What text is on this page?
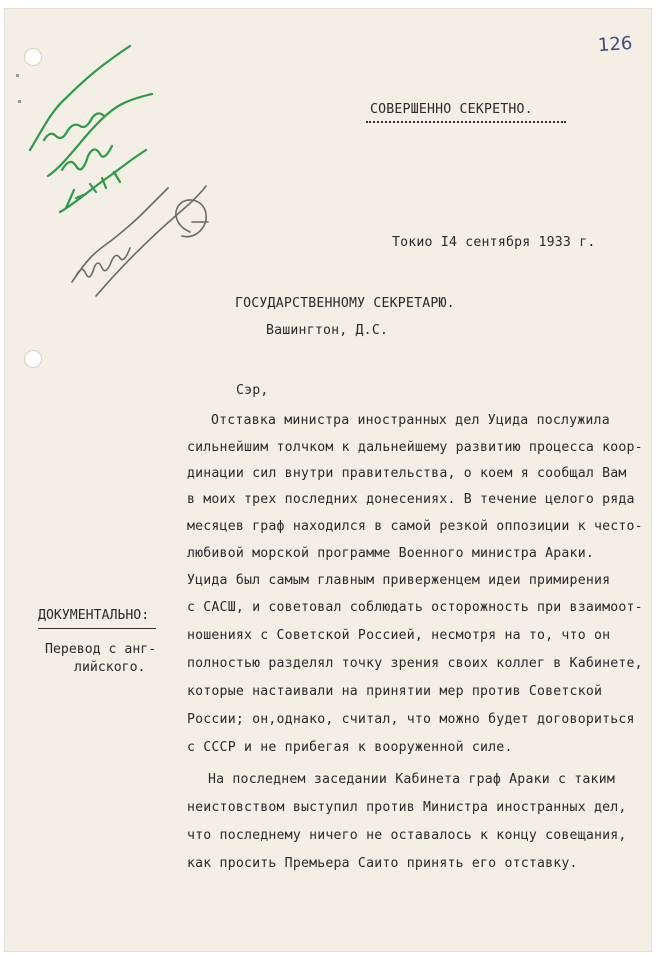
126
СОВЕРШЕННО СЕКРЕТНО.
Токио I4 сентября 1933 г.
ГОСУДАРСТВЕННОМУ СЕКРЕТАРЮ.
Вашингтон, Д.С.
Сэр,
Отставка министра иностранных дел Уцида послужила
сильнейшим толчком к дальнейшему развитию процесса коор-
динации сил внутри правительства, о коем я сообщал Вам
в моих трех последних донесениях. В течение целого ряда
месяцев граф находился в самой резкой оппозиции к често-
любивой морской программе Военного министра Араки.
Уцида был самым главным приверженцем идеи примирения
с САСШ, и советовал соблюдать осторожность при взаимоот-
ношениях с Советской Россией, несмотря на то, что он
полностью разделял точку зрения своих коллег в Кабинете,
которые настаивали на принятии мер против Советской
России; он,однако, считал, что можно будет договориться
с СССР и не прибегая к вооруженной силе.
На последнем заседании Кабинета граф Араки с таким
неистовством выступил против Министра иностранных дел,
что последнему ничего не оставалось к концу совещания,
как просить Премьера Саито принять его отставку.
ДОКУМЕНТАЛЬНО:
Перевод с анг-
лийского.
